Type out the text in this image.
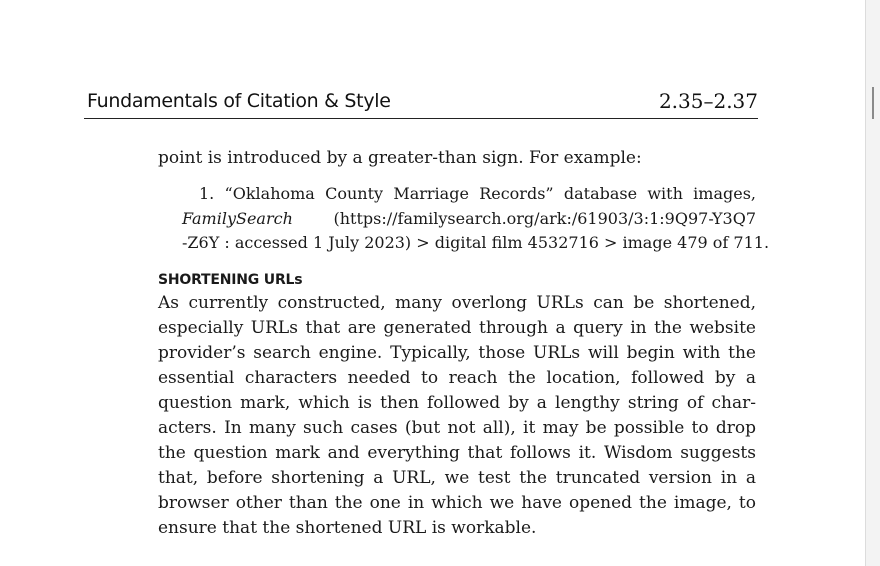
Fundamentals of Citation & Style	2.35–2.37
point is introduced by a greater-than sign. For example:
1. “Oklahoma County Marriage Records” database with images,
FamilySearch (https://familysearch.org/ark:/61903/3:1:9Q97-Y3Q7
-Z6Y : accessed 1 July 2023) > digital film 4532716 > image 479 of 711.
SHORTENING URLs
As currently constructed, many overlong URLs can be shortened,
especially URLs that are generated through a query in the website
provider’s search engine. Typically, those URLs will begin with the
essential characters needed to reach the location, followed by a
question mark, which is then followed by a lengthy string of char-
acters. In many such cases (but not all), it may be possible to drop
the question mark and everything that follows it. Wisdom suggests
that, before shortening a URL, we test the truncated version in a
browser other than the one in which we have opened the image, to
ensure that the shortened URL is workable.
